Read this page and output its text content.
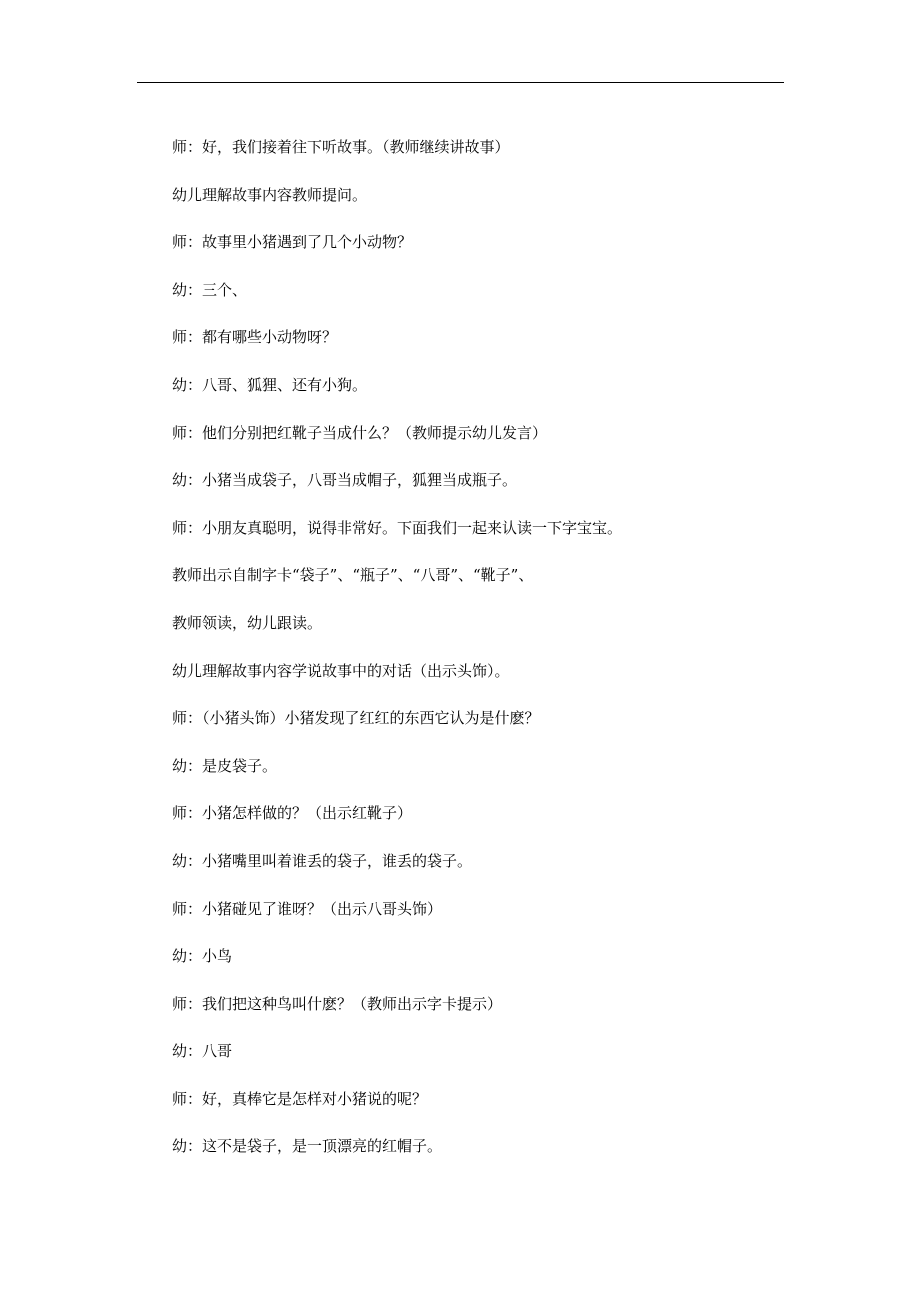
师：好，我们接着往下听故事。（教师继续讲故事）
幼儿理解故事内容教师提问。
师：故事里小猪遇到了几个小动物？
幼：三个、
师：都有哪些小动物呀？
幼：八哥、狐狸、还有小狗。
师：他们分别把红靴子当成什么？（教师提示幼儿发言）
幼：小猪当成袋子，八哥当成帽子，狐狸当成瓶子。
师：小朋友真聪明，说得非常好。下面我们一起来认读一下字宝宝。
教师出示自制字卡“袋子”、“瓶子”、“八哥”、“靴子”、
教师领读，幼儿跟读。
幼儿理解故事内容学说故事中的对话（出示头饰）。
师：（小猪头饰）小猪发现了红红的东西它认为是什麽？
幼：是皮袋子。
师：小猪怎样做的？（出示红靴子）
幼：小猪嘴里叫着谁丢的袋子，谁丢的袋子。
师：小猪碰见了谁呀？（出示八哥头饰）
幼：小鸟
师：我们把这种鸟叫什麽？（教师出示字卡提示）
幼：八哥
师：好，真棒它是怎样对小猪说的呢？
幼：这不是袋子，是一顶漂亮的红帽子。
